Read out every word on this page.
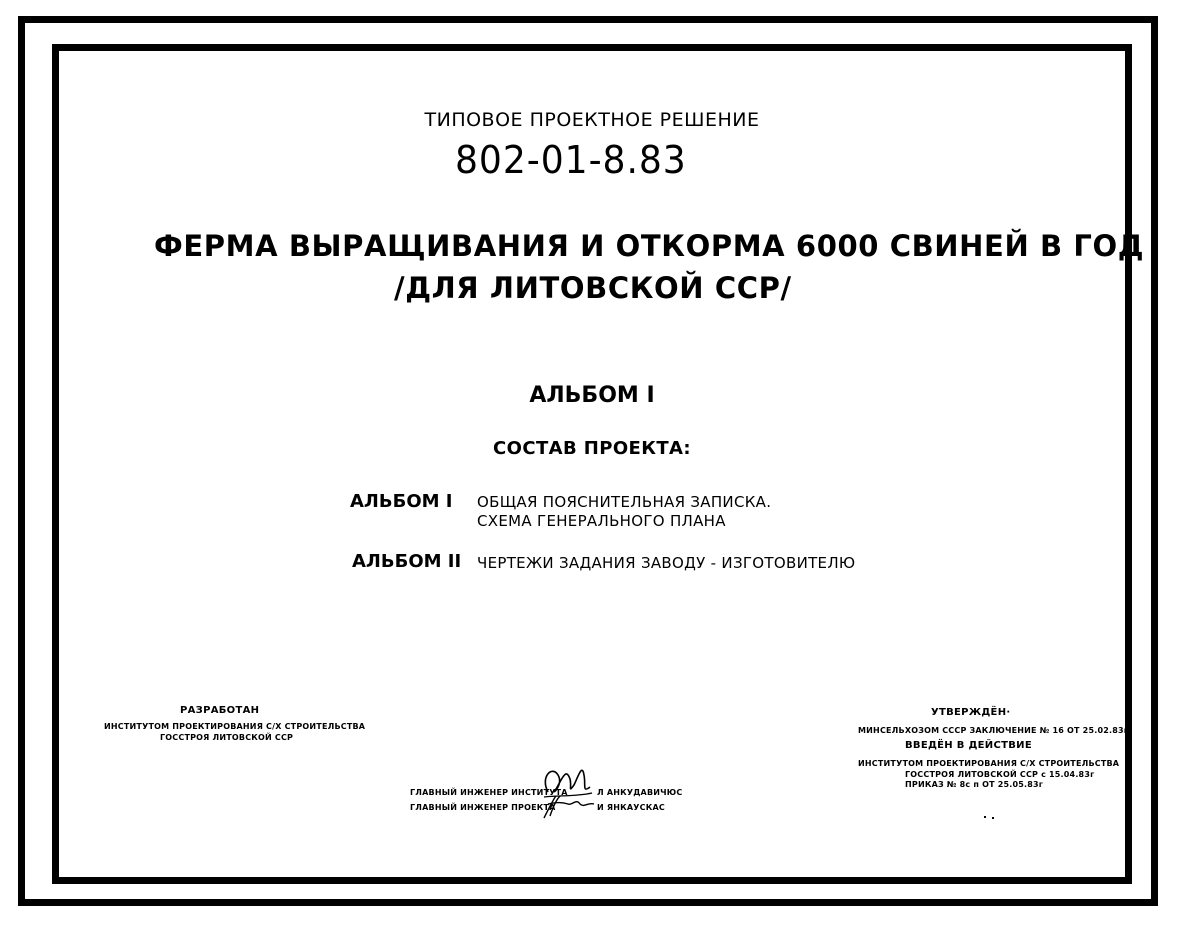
ТИПОВОЕ ПРОЕКТНОЕ РЕШЕНИЕ
802-01-8.83
ФЕРМА ВЫРАЩИВАНИЯ И ОТКОРМА 6000 СВИНЕЙ В ГОД
/ДЛЯ ЛИТОВСКОЙ ССР/
АЛЬБОМ I
СОСТАВ ПРОЕКТА:
АЛЬБОМ I ОБЩАЯ ПОЯСНИТЕЛЬНАЯ ЗАПИСКА.
СХЕМА ГЕНЕРАЛЬНОГО ПЛАНА
АЛЬБОМ II ЧЕРТЕЖИ ЗАДАНИЯ ЗАВОДУ - ИЗГОТОВИТЕЛЮ
РАЗРАБОТАН
ИНСТИТУТОМ ПРОЕКТИРОВАНИЯ С/Х СТРОИТЕЛЬСТВА
ГОССТРОЯ ЛИТОВСКОЙ ССР
ГЛАВНЫЙ ИНЖЕНЕР ИНСТИТУТА	Л АНКУДАВИЧЮС
ГЛАВНЫЙ ИНЖЕНЕР ПРОЕКТА	И ЯНКАУСКАС
УТВЕРЖДЁН·
МИНСЕЛЬХОЗОМ СССР ЗАКЛЮЧЕНИЕ № 16 ОТ 25.02.83г
ВВЕДЁН В ДЕЙСТВИЕ
ИНСТИТУТОМ ПРОЕКТИРОВАНИЯ С/Х СТРОИТЕЛЬСТВА
ГОССТРОЯ ЛИТОВСКОЙ ССР с 15.04.83г
ПРИКАЗ № 8с п ОТ 25.05.83г
